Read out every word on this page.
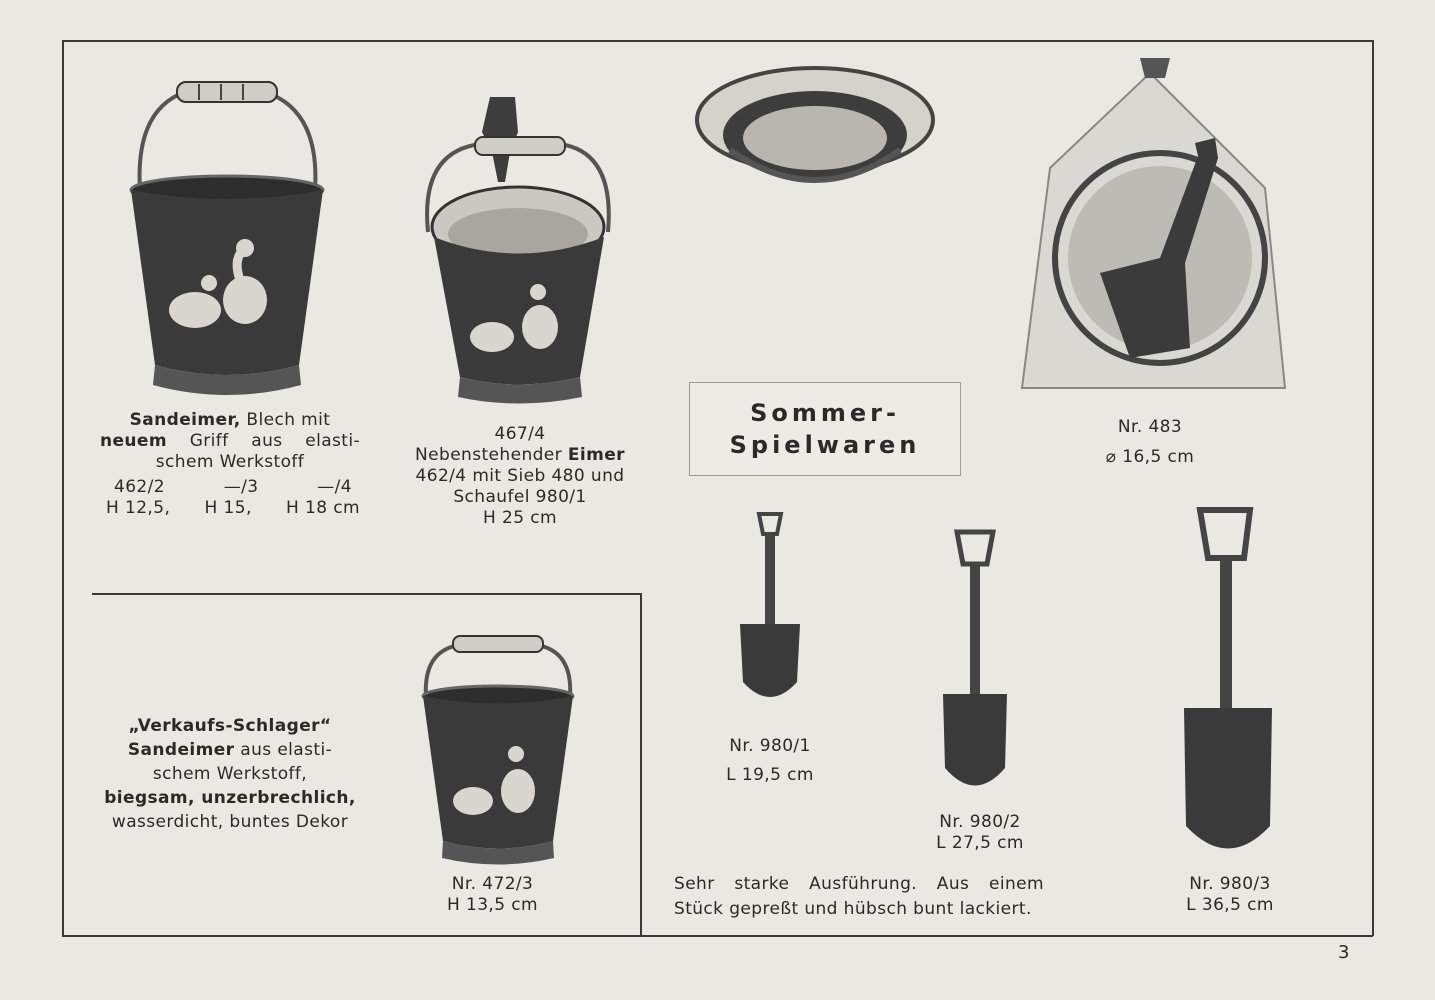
Sandeimer, Blech mit
neuem Griff aus elasti-
schem Werkstoff
462/2	—/3	—/4
H 12,5, H 15, H 18 cm
467/4
Nebenstehender Eimer
462/4 mit Sieb 480 und
Schaufel 980/1
H 25 cm
Nr. 483
⌀ 16,5 cm
Sommer-
Spielwaren
„Verkaufs-Schlager“
Sandeimer aus elasti-
schem Werkstoff,
biegsam, unzerbrechlich,
wasserdicht, buntes Dekor
Nr. 472/3
H 13,5 cm
Nr. 980/1
L 19,5 cm
Nr. 980/2
L 27,5 cm
Nr. 980/3
L 36,5 cm
Sehr starke Ausführung. Aus einem
Stück gepreßt und hübsch bunt lackiert.
3
